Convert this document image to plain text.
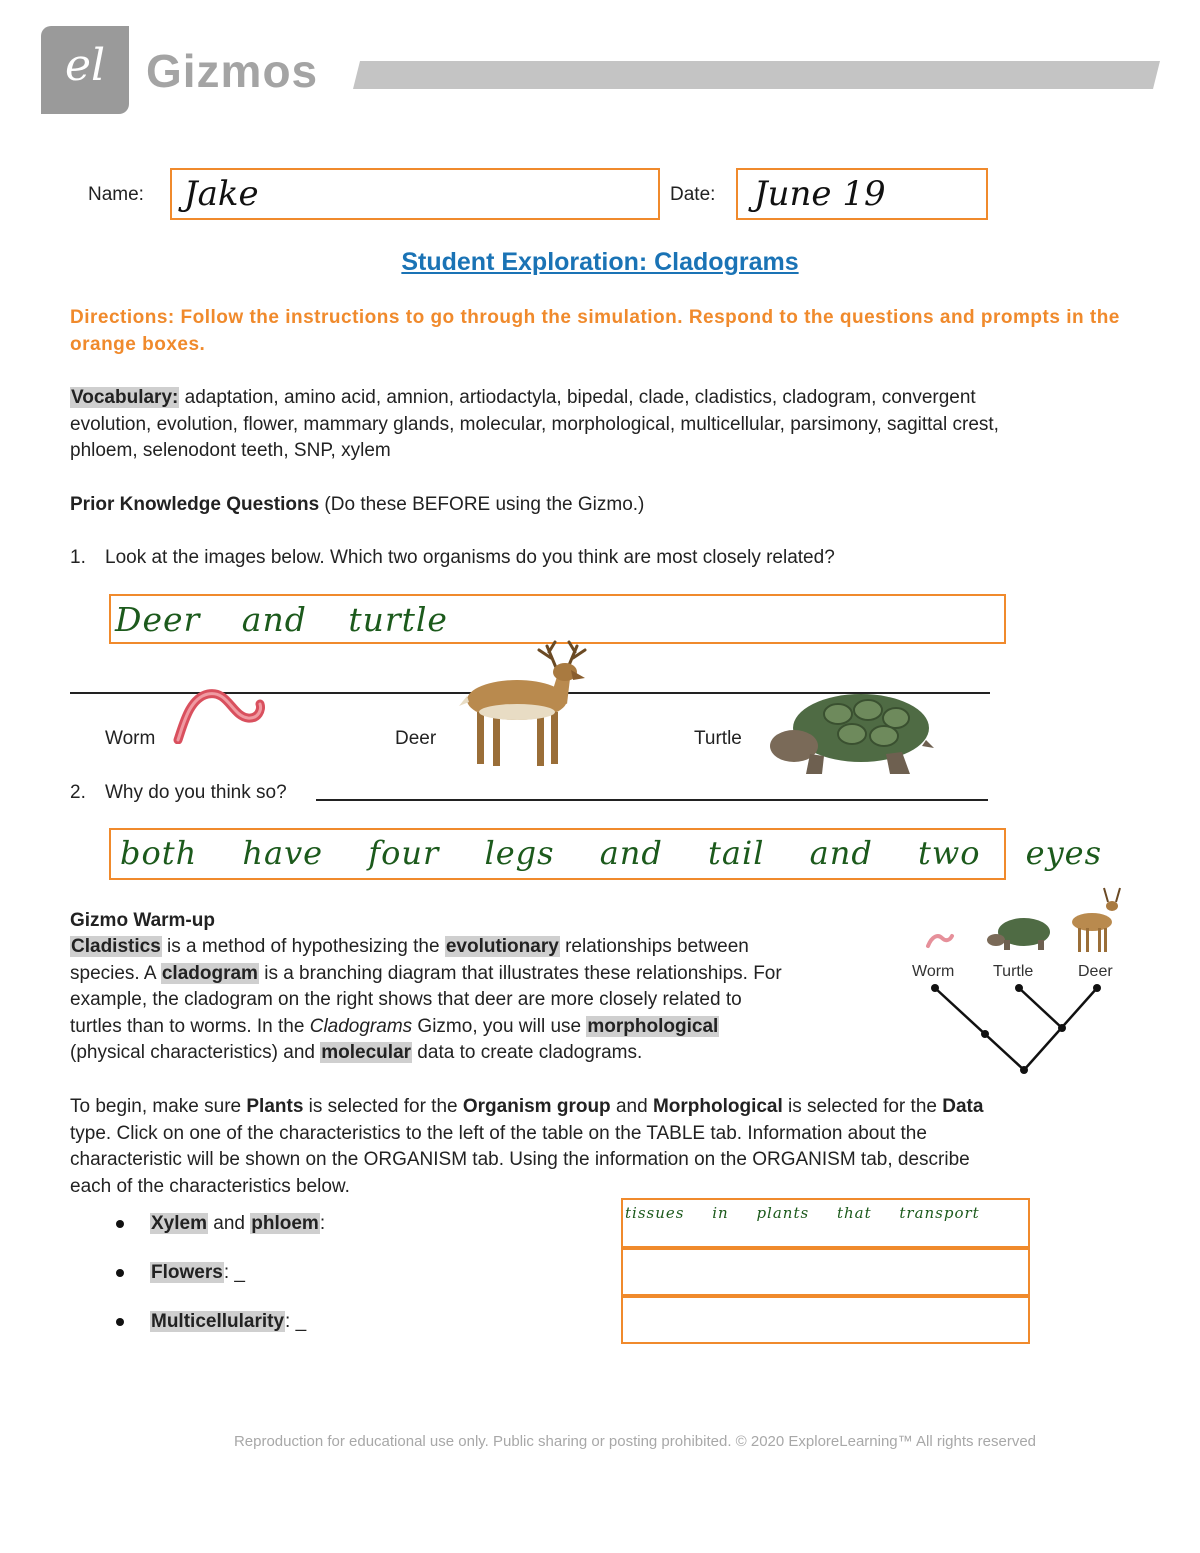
el Gizmos
Name: Jake	Date: June 19
Student Exploration: Cladograms
Directions: Follow the instructions to go through the simulation. Respond to the questions and prompts in the orange boxes.
Vocabulary: adaptation, amino acid, amnion, artiodactyla, bipedal, clade, cladistics, cladogram, convergent
evolution, evolution, flower, mammary glands, molecular, morphological, multicellular, parsimony, sagittal crest,
phloem, selenodont teeth, SNP, xylem
Prior Knowledge Questions (Do these BEFORE using the Gizmo.)
1. Look at the images below. Which two organisms do you think are most closely related?
Deer and turtle
Worm	Deer	Turtle
2. Why do you think so?
both have four legs and tail and two eyes
Gizmo Warm-up
Cladistics is a method of hypothesizing the evolutionary relationships between
species. A cladogram is a branching diagram that illustrates these relationships. For
example, the cladogram on the right shows that deer are more closely related to
turtles than to worms. In the Cladograms Gizmo, you will use morphological
(physical characteristics) and molecular data to create cladograms.
Worm Turtle	Deer
To begin, make sure Plants is selected for the Organism group and Morphological is selected for the Data
type. Click on one of the characteristics to the left of the table on the TABLE tab. Information about the
characteristic will be shown on the ORGANISM tab. Using the information on the ORGANISM tab, describe
each of the characteristics below.
Xylem and phloem:
Flowers: _
Multicellularity: _
tissues in plants that transport
Reproduction for educational use only. Public sharing or posting prohibited. © 2020 ExploreLearning™ All rights reserved
